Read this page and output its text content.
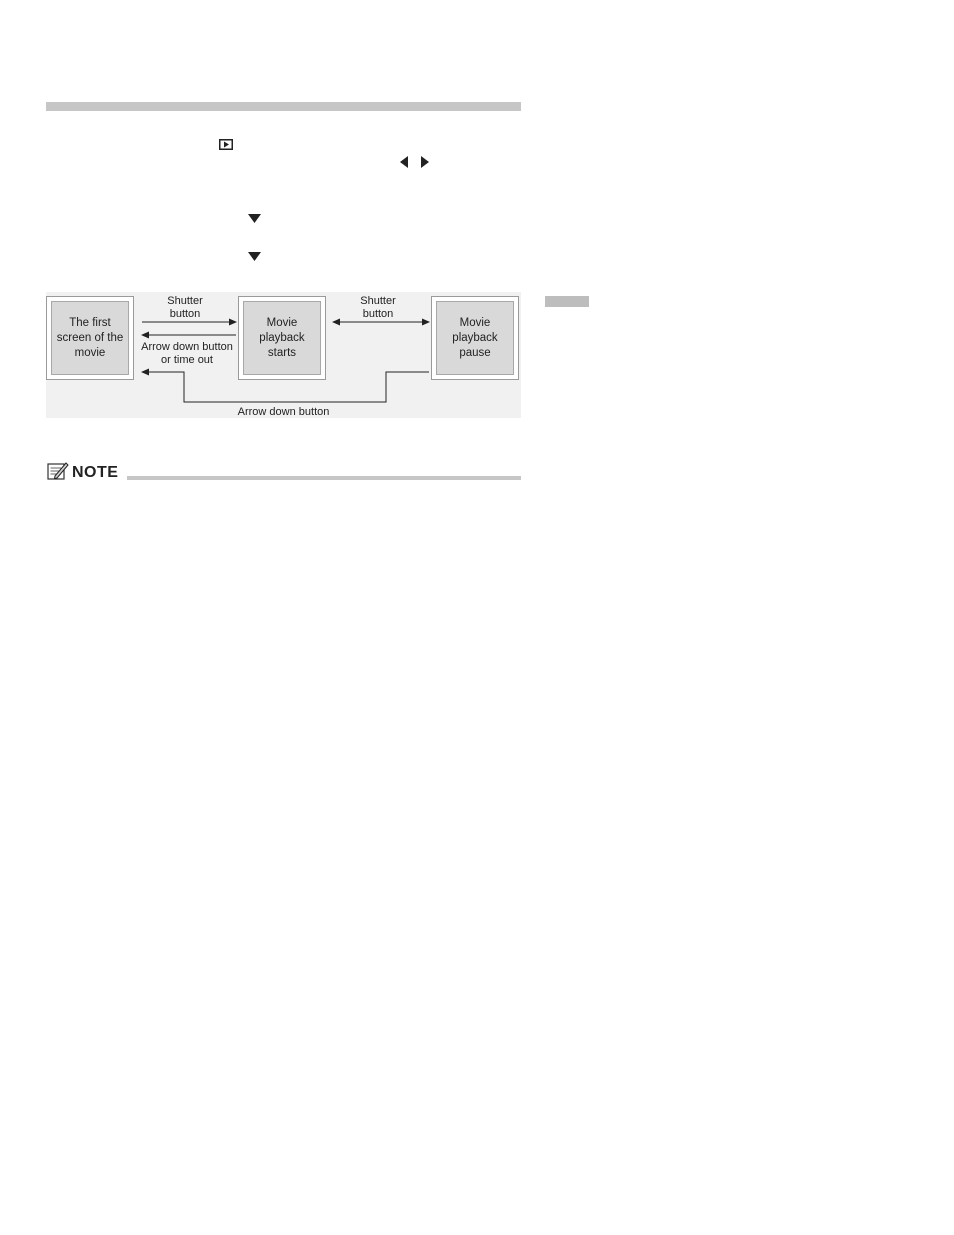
The first
screen of the
movie
Movie
playback
starts
Movie
playback
pause
Shutter
button
Arrow down button
or time out
Shutter
button
Arrow down button
NOTE
